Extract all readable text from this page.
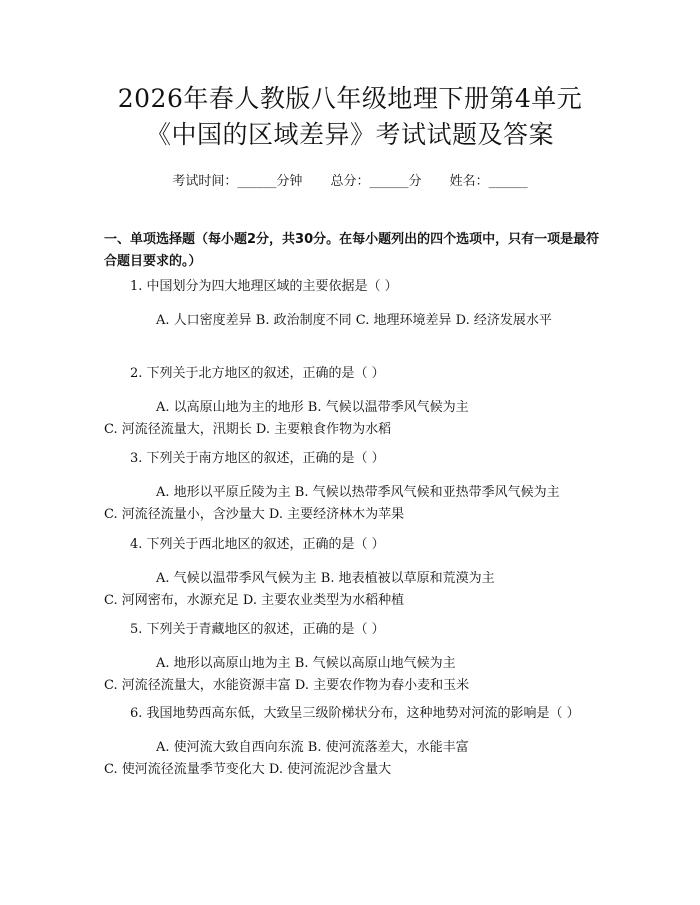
2026年春人教版八年级地理下册第4单元
《中国的区域差异》考试试题及答案
考试时间：______分钟 总分：______分 姓名：______
一、单项选择题（每小题2分，共30分。在每小题列出的四个选项中，只有一项是最符合题目要求的。）
1. 中国划分为四大地理区域的主要依据是（ ）
A. 人口密度差异 B. 政治制度不同 C. 地理环境差异 D. 经济发展水平
2. 下列关于北方地区的叙述，正确的是（ ）
A. 以高原山地为主的地形 B. 气候以温带季风气候为主 C. 河流径流量大，汛期长 D. 主要粮食作物为水稻
3. 下列关于南方地区的叙述，正确的是（ ）
A. 地形以平原丘陵为主 B. 气候以热带季风气候和亚热带季风气候为主 C. 河流径流量小，含沙量大 D. 主要经济林木为苹果
4. 下列关于西北地区的叙述，正确的是（ ）
A. 气候以温带季风气候为主 B. 地表植被以草原和荒漠为主 C. 河网密布，水源充足 D. 主要农业类型为水稻种植
5. 下列关于青藏地区的叙述，正确的是（ ）
A. 地形以高原山地为主 B. 气候以高原山地气候为主 C. 河流径流量大，水能资源丰富 D. 主要农作物为春小麦和玉米
6. 我国地势西高东低，大致呈三级阶梯状分布，这种地势对河流的影响是（ ）
A. 使河流大致自西向东流 B. 使河流落差大，水能丰富 C. 使河流径流量季节变化大 D. 使河流泥沙含量大
